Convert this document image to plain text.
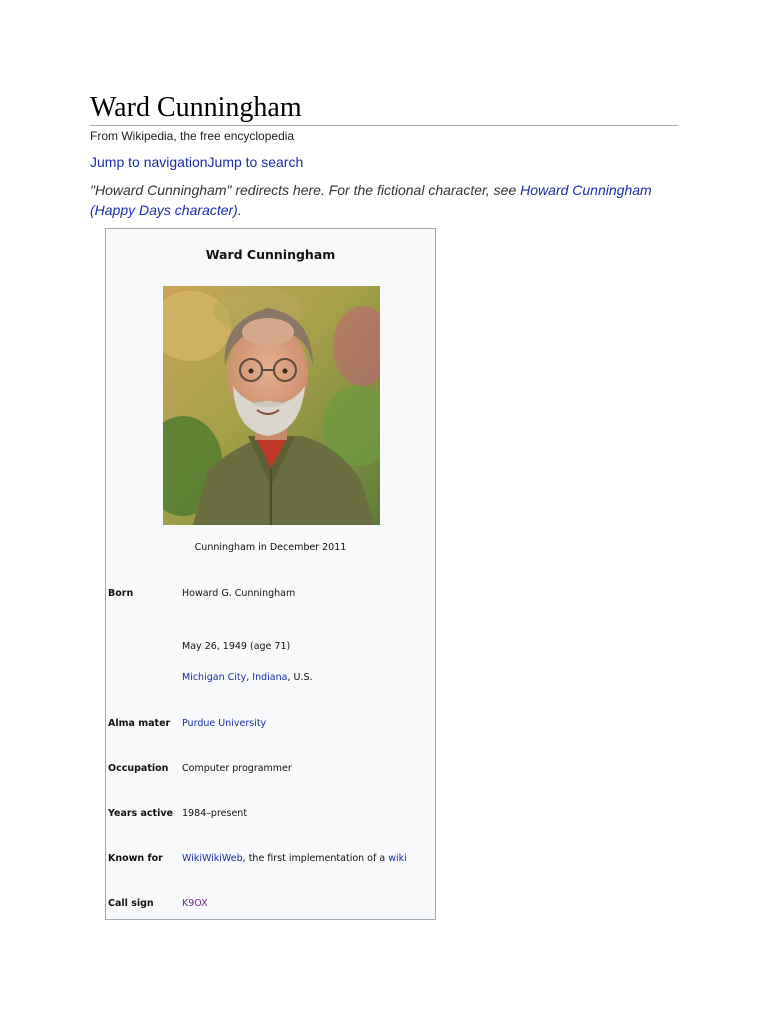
Ward Cunningham
From Wikipedia, the free encyclopedia
Jump to navigationJump to search
"Howard Cunningham" redirects here. For the fictional character, see Howard Cunningham (Happy Days character).
Ward Cunningham
Cunningham in December 2011
Born	Howard G. Cunningham
May 26, 1949 (age 71)
Michigan City, Indiana, U.S.
Alma mater	Purdue University
Occupation	Computer programmer
Years active 1984–present
Known for	WikiWikiWeb, the first implementation of a wiki
Call sign	K9OX
